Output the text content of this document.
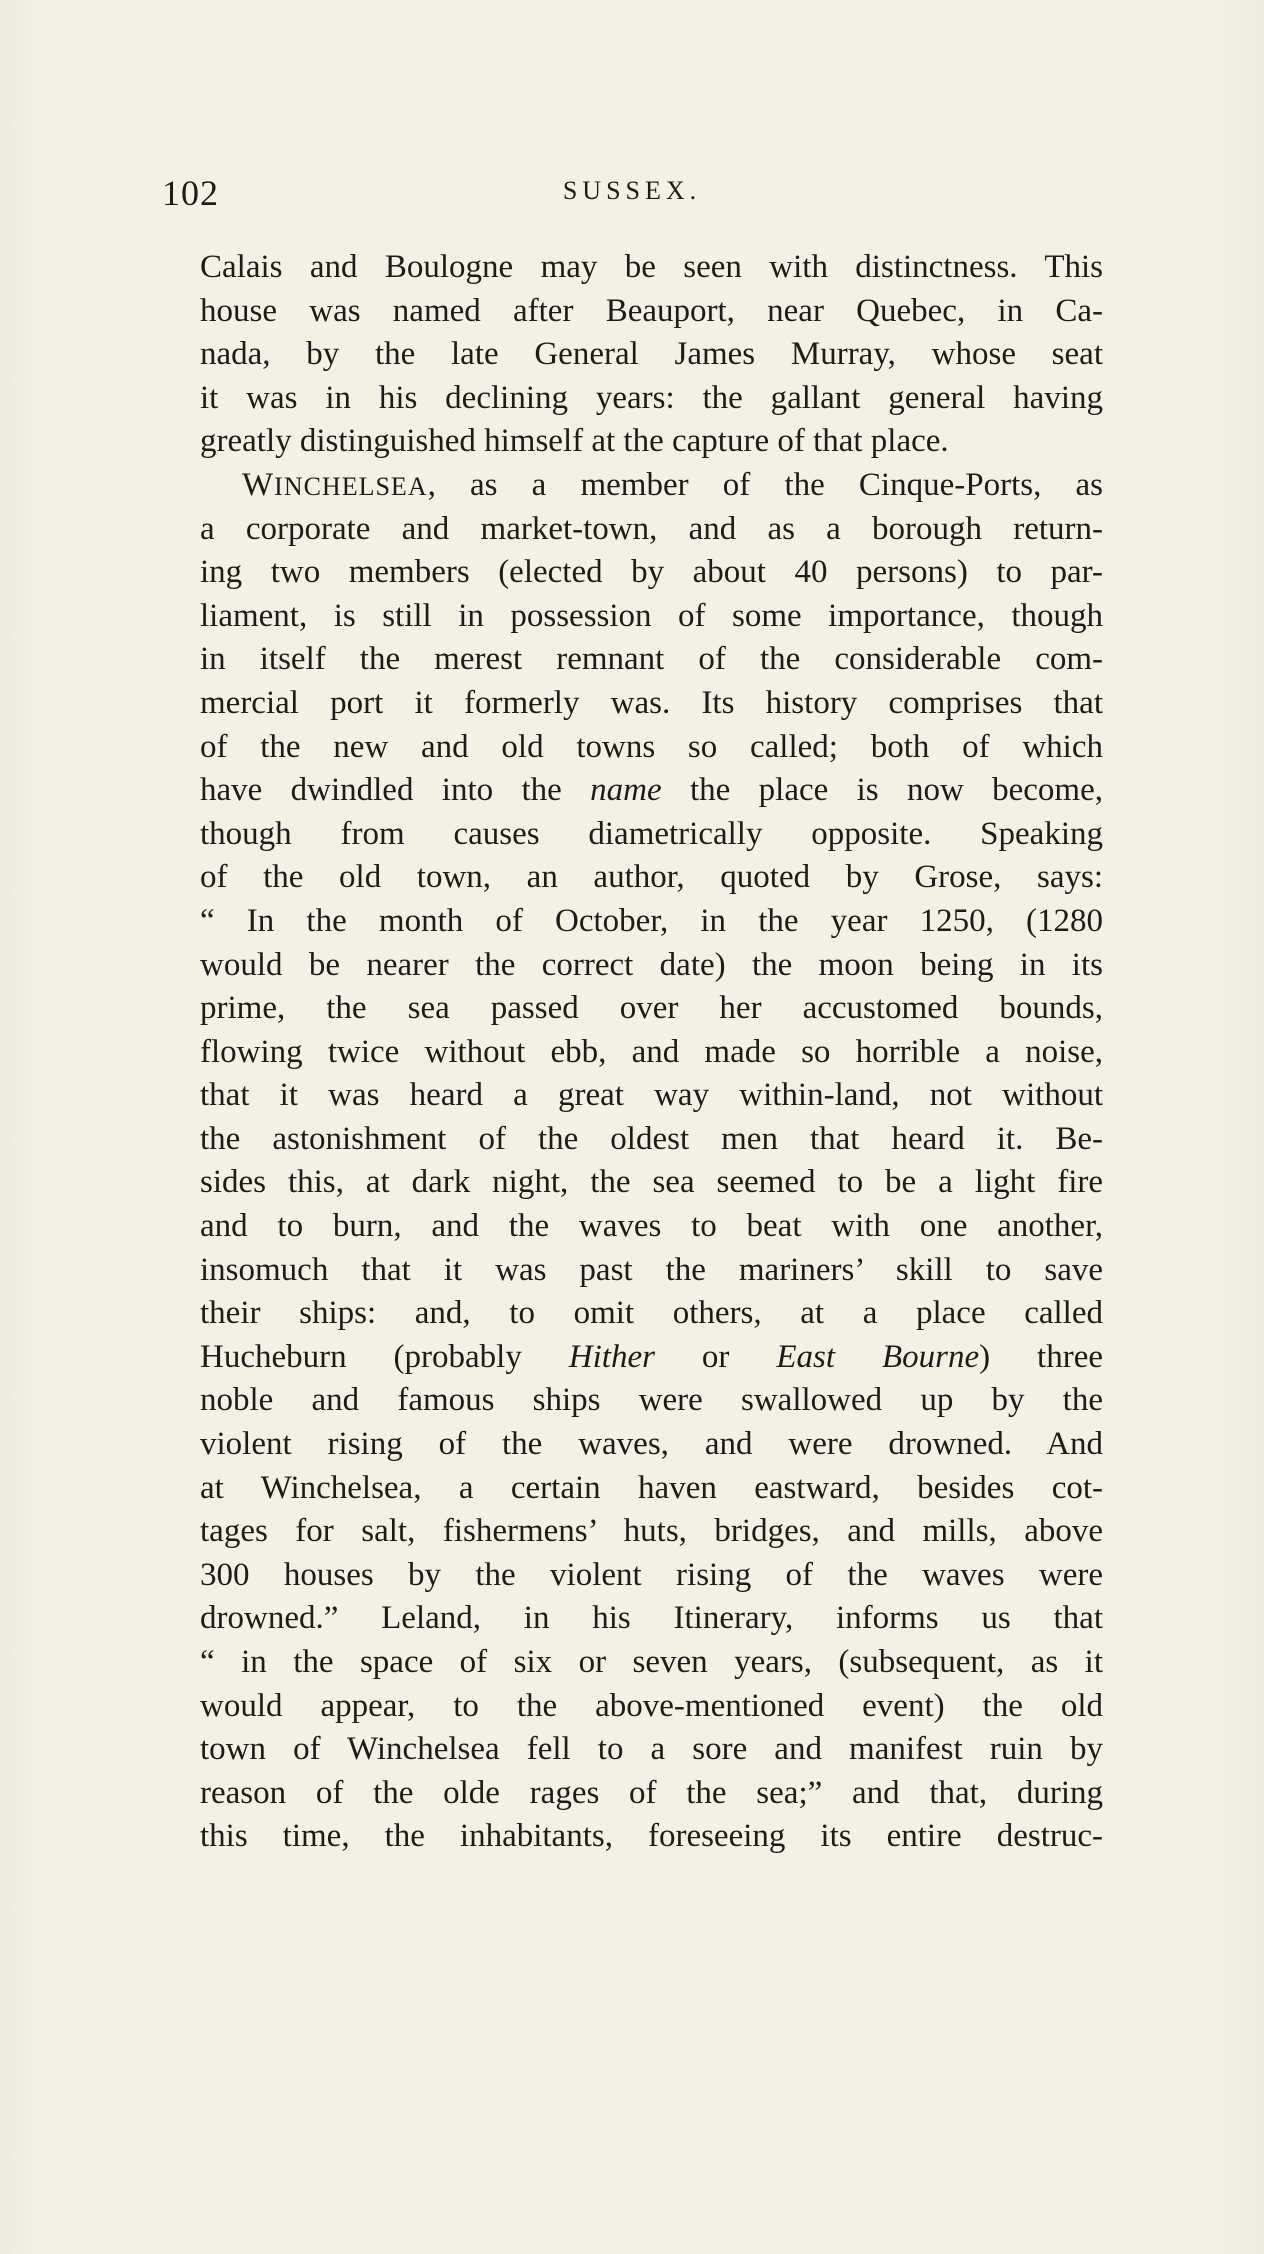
102	SUSSEX.
Calais and Boulogne may be seen with distinctness. This
house was named after Beauport, near Quebec, in Ca-
nada, by the late General James Murray, whose seat
it was in his declining years: the gallant general having
greatly distinguished himself at the capture of that place.
WINCHELSEA, as a member of the Cinque-Ports, as
a corporate and market-town, and as a borough return-
ing two members (elected by about 40 persons) to par-
liament, is still in possession of some importance, though
in itself the merest remnant of the considerable com-
mercial port it formerly was. Its history comprises that
of the new and old towns so called; both of which
have dwindled into the name the place is now become,
though from causes diametrically opposite. Speaking
of the old town, an author, quoted by Grose, says:
“ In the month of October, in the year 1250, (1280
would be nearer the correct date) the moon being in its
prime, the sea passed over her accustomed bounds,
flowing twice without ebb, and made so horrible a noise,
that it was heard a great way within-land, not without
the astonishment of the oldest men that heard it. Be-
sides this, at dark night, the sea seemed to be a light fire
and to burn, and the waves to beat with one another,
insomuch that it was past the mariners’ skill to save
their ships: and, to omit others, at a place called
Hucheburn (probably Hither or East Bourne) three
noble and famous ships were swallowed up by the
violent rising of the waves, and were drowned. And
at Winchelsea, a certain haven eastward, besides cot-
tages for salt, fishermens’ huts, bridges, and mills, above
300 houses by the violent rising of the waves were
drowned.” Leland, in his Itinerary, informs us that
“ in the space of six or seven years, (subsequent, as it
would appear, to the above-mentioned event) the old
town of Winchelsea fell to a sore and manifest ruin by
reason of the olde rages of the sea;” and that, during
this time, the inhabitants, foreseeing its entire destruc-
